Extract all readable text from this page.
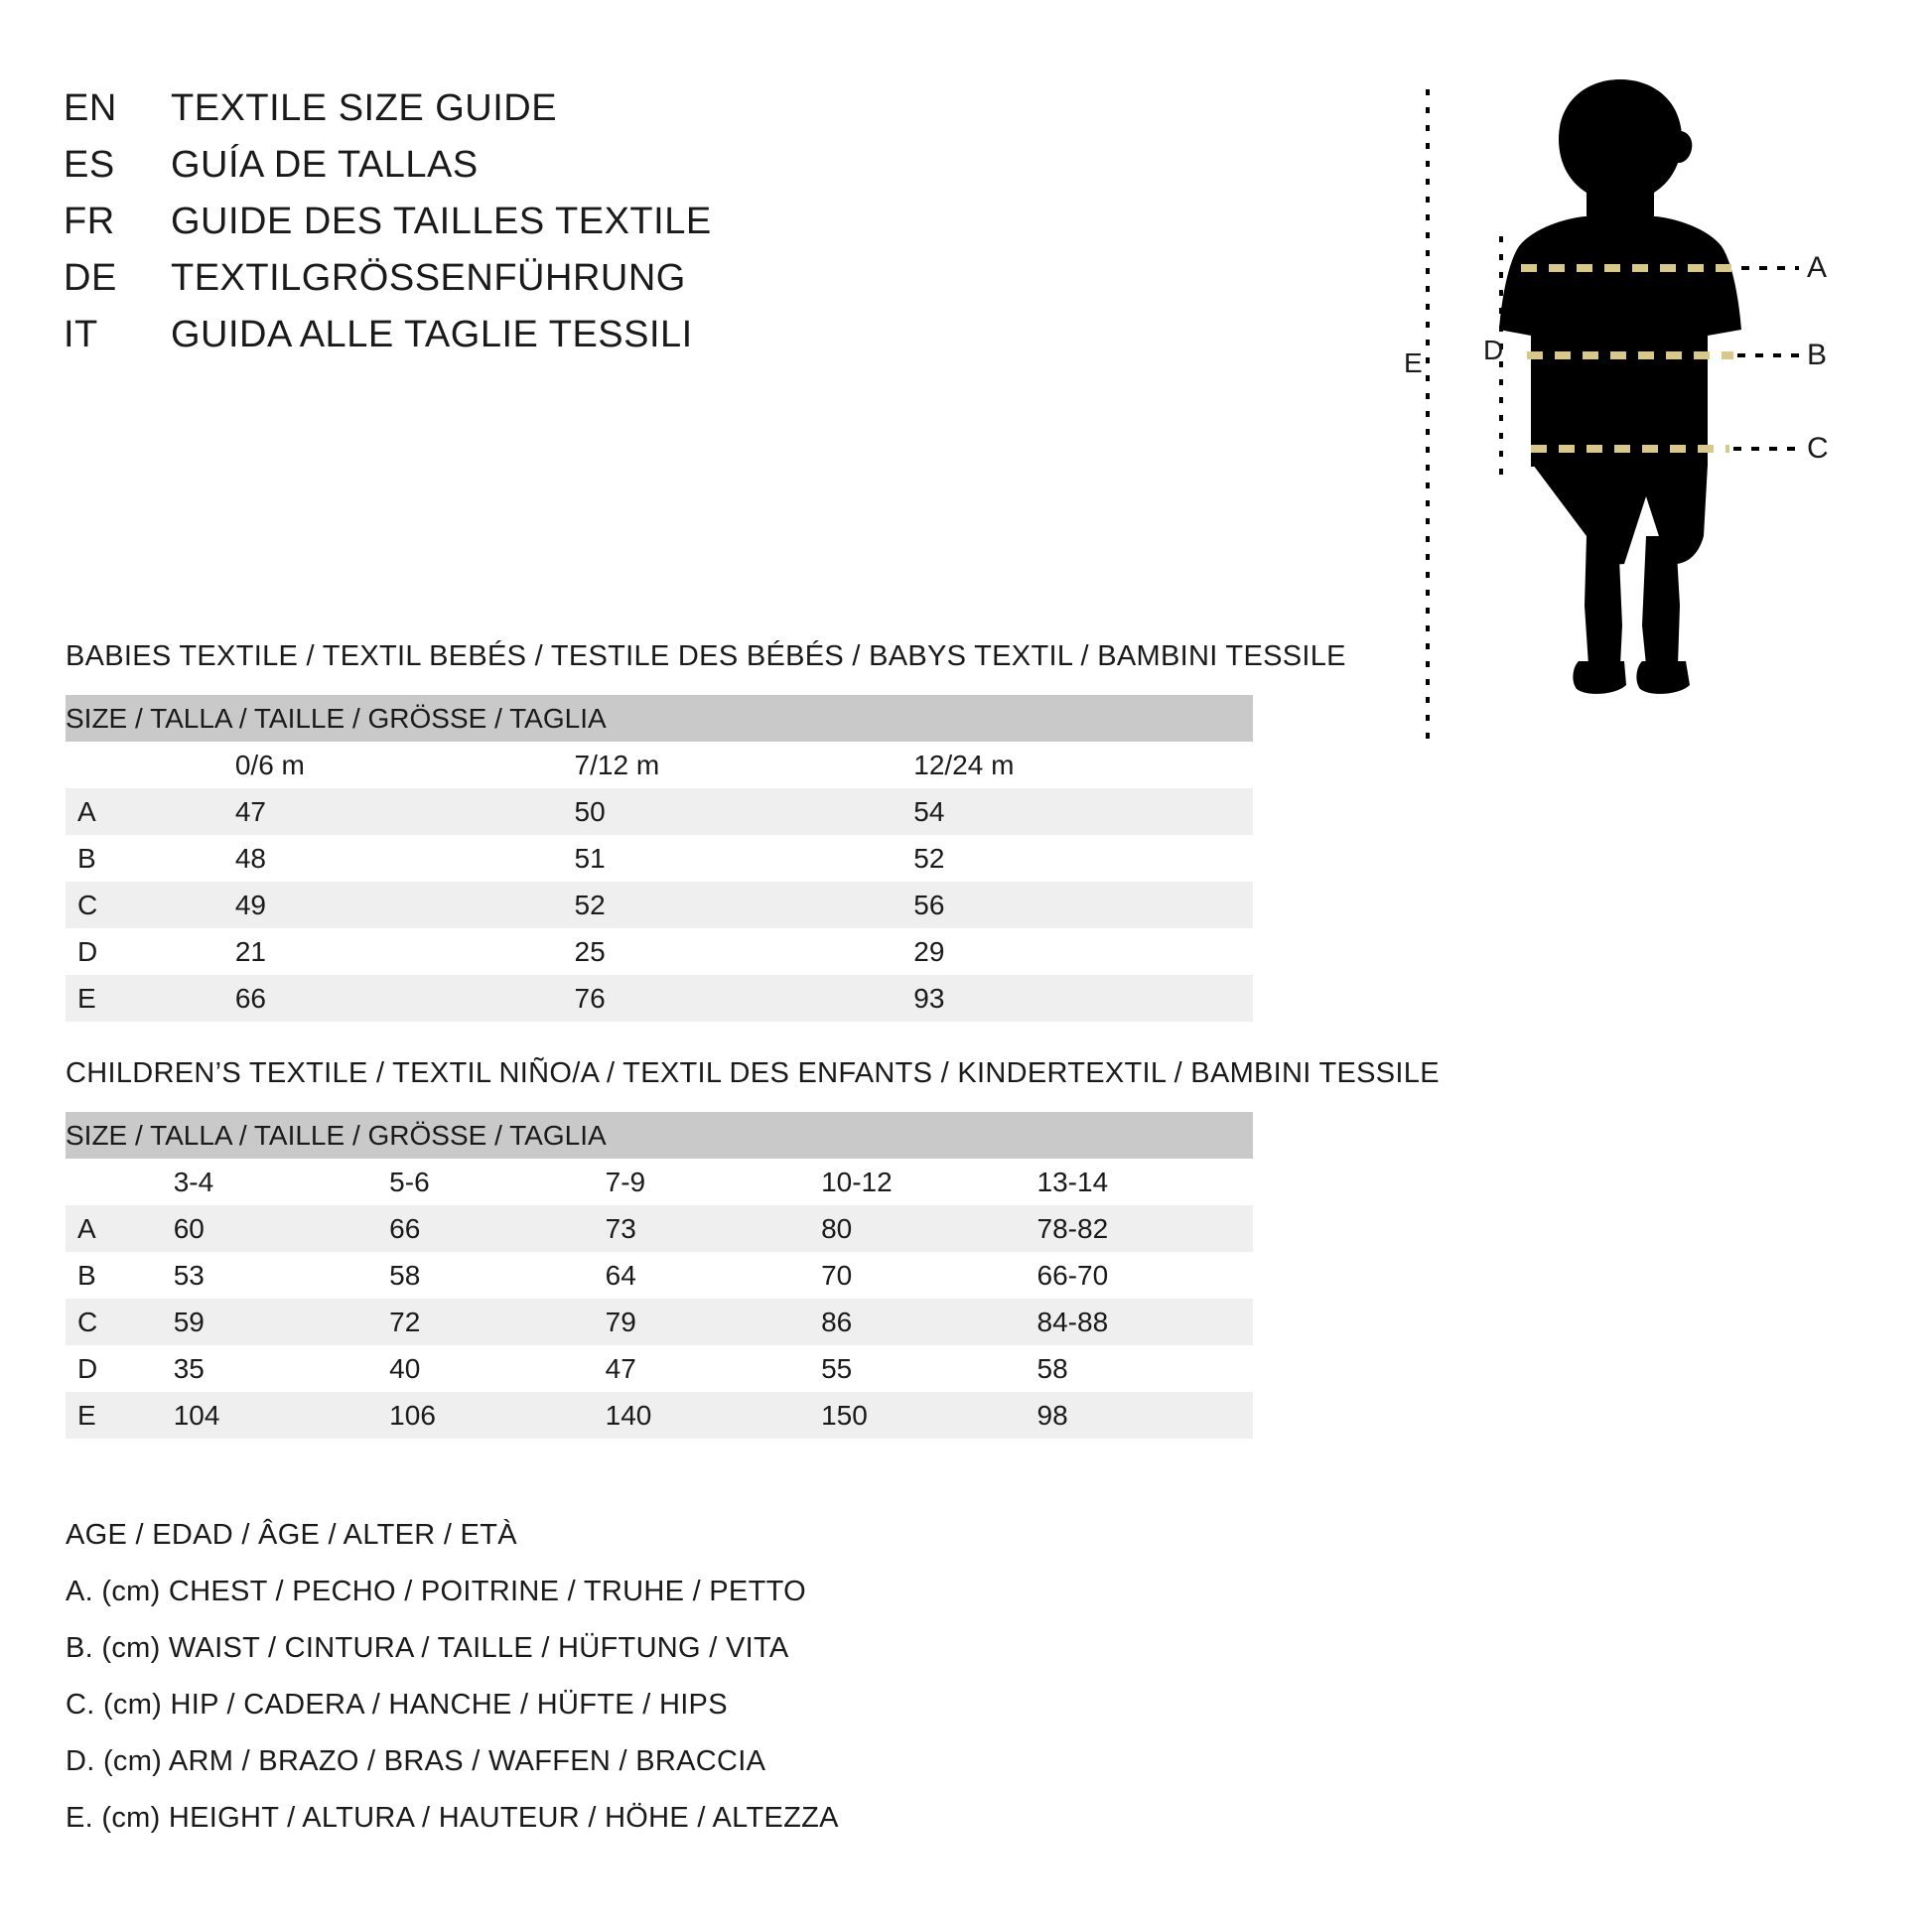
EN	TEXTILE SIZE GUIDE
ES	GUÍA DE TALLAS
FR	GUIDE DES TAILLES TEXTILE
DE	TEXTILGRÖSSENFÜHRUNG
IT	GUIDA ALLE TAGLIE TESSILI
A
B
C
D
E
BABIES TEXTILE / TEXTIL BEBÉS / TESTILE DES BÉBÉS / BABYS TEXTIL / BAMBINI TESSILE
SIZE / TALLA / TAILLE / GRÖSSE / TAGLIA			
	0/6 m	7/12 m	12/24 m
A	47	50	54
B	48	51	52
C	49	52	56
D	21	25	29
E	66	76	93
CHILDREN’S TEXTILE / TEXTIL NIÑO/A / TEXTIL DES ENFANTS / KINDERTEXTIL / BAMBINI TESSILE
SIZE / TALLA / TAILLE / GRÖSSE / TAGLIA					
	3-4	5-6	7-9	10-12	13-14
A	60	66	73	80	78-82
B	53	58	64	70	66-70
C	59	72	79	86	84-88
D	35	40	47	55	58
E	104	106	140	150	98
AGE / EDAD / ÂGE / ALTER / ETÀ
A. (cm) CHEST / PECHO / POITRINE / TRUHE / PETTO
B. (cm) WAIST / CINTURA / TAILLE / HÜFTUNG / VITA
C. (cm) HIP / CADERA / HANCHE / HÜFTE / HIPS
D. (cm) ARM / BRAZO / BRAS / WAFFEN / BRACCIA
E. (cm) HEIGHT / ALTURA / HAUTEUR / HÖHE / ALTEZZA
